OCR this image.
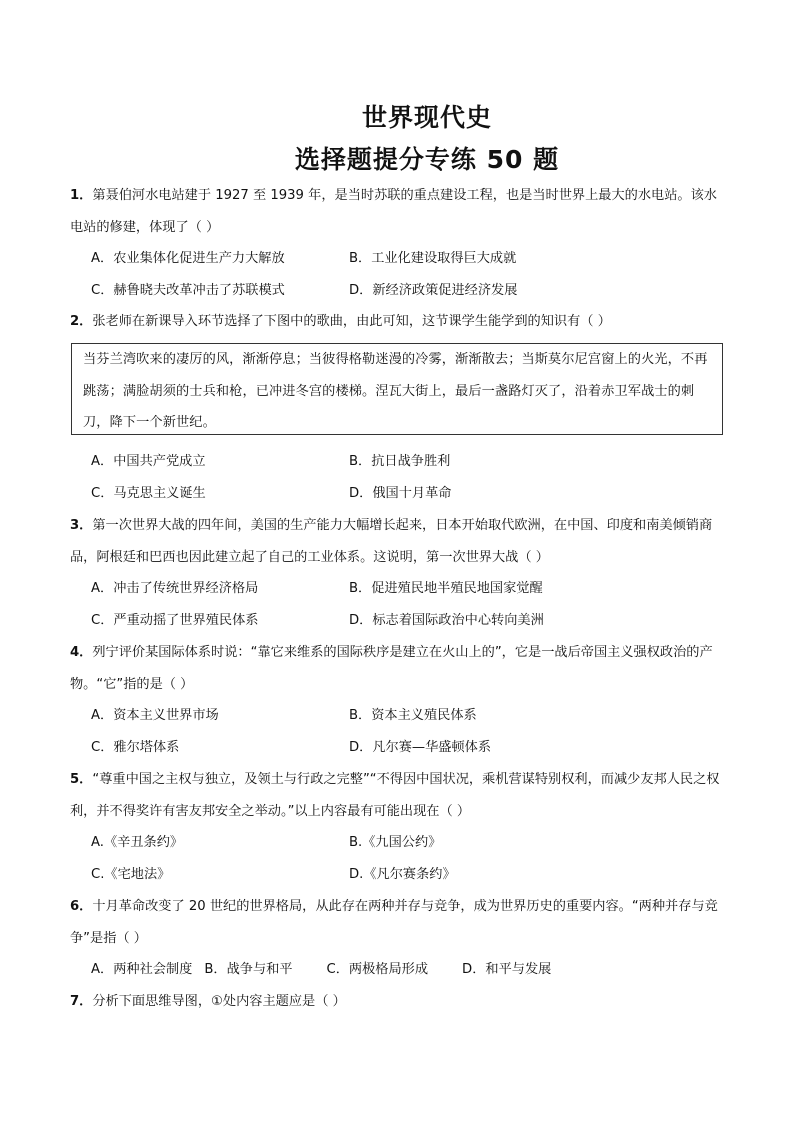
世界现代史
选择题提分专练 50 题
1．第聂伯河水电站建于 1927 至 1939 年，是当时苏联的重点建设工程，也是当时世界上最大的水电站。该水电站的修建，体现了（ ）
A．农业集体化促进生产力大解放	B．工业化建设取得巨大成就
C．赫鲁晓夫改革冲击了苏联模式	D．新经济政策促进经济发展
2．张老师在新课导入环节选择了下图中的歌曲，由此可知，这节课学生能学到的知识有（ ）
当芬兰湾吹来的凄厉的风，渐渐停息；当彼得格勒迷漫的冷雾，渐渐散去；当斯莫尔尼宫窗上的火光，不再跳荡；满脸胡须的士兵和枪，已冲进冬宫的楼梯。涅瓦大街上，最后一盏路灯灭了，沿着赤卫军战士的刺刀，降下一个新世纪。
A．中国共产党成立	B．抗日战争胜利
C．马克思主义诞生	D．俄国十月革命
3．第一次世界大战的四年间，美国的生产能力大幅增长起来，日本开始取代欧洲，在中国、印度和南美倾销商品，阿根廷和巴西也因此建立起了自己的工业体系。这说明，第一次世界大战（ ）
A．冲击了传统世界经济格局	B．促进殖民地半殖民地国家觉醒
C．严重动摇了世界殖民体系	D．标志着国际政治中心转向美洲
4．列宁评价某国际体系时说：“靠它来维系的国际秩序是建立在火山上的”，它是一战后帝国主义强权政治的产物。“它”指的是（ ）
A．资本主义世界市场	B．资本主义殖民体系
C．雅尔塔体系	D．凡尔赛—华盛顿体系
5．“尊重中国之主权与独立，及领土与行政之完整”“不得因中国状况，乘机营谋特别权利，而减少友邦人民之权利，并不得奖许有害友邦安全之举动。”以上内容最有可能出现在（ ）
A.《辛丑条约》	B.《九国公约》
C.《宅地法》	D.《凡尔赛条约》
6．十月革命改变了 20 世纪的世界格局，从此存在两种并存与竞争，成为世界历史的重要内容。“两种并存与竞争”是指（ ）
A．两种社会制度 B．战争与和平	C．两极格局形成	D．和平与发展
7．分析下面思维导图，①处内容主题应是（ ）
